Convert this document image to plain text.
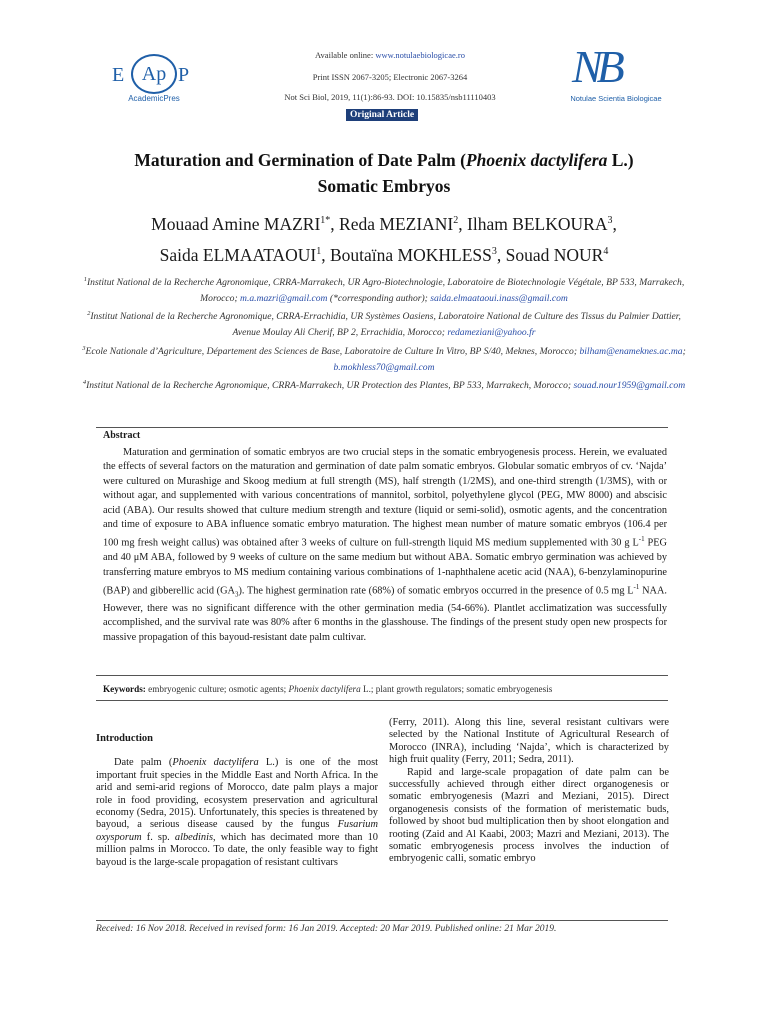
E Ap P
AcademicPres
Available online: www.notulaebiologicae.ro
Print ISSN 2067-3205; Electronic 2067-3264
Not Sci Biol, 2019, 11(1):86-93. DOI: 10.15835/nsb11110403
Original Article
NB
Notulae Scientia Biologicae
Maturation and Germination of Date Palm (Phoenix dactylifera L.)
Somatic Embryos
Mouaad Amine $MAZRI^{1*}$, Reda MEZIANI$^2$, Ilham BELKOURA$^3$,
Saida ELMAATAOUI$^1$, Boutaïna MOKHLESS$^3$, Souad NOUR$^4$
$^1$Institut National de la Recherche Agronomique, CRRA-Marrakech, UR Agro-Biotechnologie, Laboratoire de Biotechnologie Végétale, BP 533, Marrakech, Morocco; m.a.mazri@gmail.com (*corresponding author); saida.elmaataoui.inass@gmail.com
$^2$Institut National de la Recherche Agronomique, CRRA-Errachidia, UR Systèmes Oasiens, Laboratoire National de Culture des Tissus du Palmier Dattier, Avenue Moulay Ali Cherif, BP 2, Errachidia, Morocco; redameziani@yahoo.fr
$^3$Ecole Nationale d’Agriculture, Département des Sciences de Base, Laboratoire de Culture In Vitro, BP S/40, Meknes, Morocco; bilham@enameknes.ac.ma; b.mokhless70@gmail.com
$^4$Institut National de la Recherche Agronomique, CRRA-Marrakech, UR Protection des Plantes, BP 533, Marrakech, Morocco; souad.nour1959@gmail.com
Abstract
Maturation and germination of somatic embryos are two crucial steps in the somatic embryogenesis process. Herein, we evaluated the effects of several factors on the maturation and germination of date palm somatic embryos. Globular somatic embryos of cv. ‘Najda’ were cultured on Murashige and Skoog medium at full strength (MS), half strength (1/2MS), and one-third strength (1/3MS), with or without agar, and supplemented with various concentrations of mannitol, sorbitol, polyethylene glycol (PEG, MW 8000) and abscisic acid (ABA). Our results showed that culture medium strength and texture (liquid or semi-solid), osmotic agents, and the concentration and time of exposure to ABA influence somatic embryo maturation. The highest mean number of mature somatic embryos (106.4 per 100 mg fresh weight callus) was obtained after 3 weeks of culture on full-strength liquid MS medium supplemented with 30 g $L^{-1}$ PEG and 40 μM ABA, followed by 9 weeks of culture on the same medium but without ABA. Somatic embryo germination was achieved by transferring mature embryos to MS medium containing various combinations of 1-naphthalene acetic acid (NAA), 6-benzylaminopurine (BAP) and gibberellic acid $(GA_3)$. The highest germination rate (68%) of somatic embryos occurred in the presence of 0.5 mg $L^{-1}$ NAA. However, there was no significant difference with the other germination media (54-66%). Plantlet acclimatization was successfully accomplished, and the survival rate was 80% after 6 months in the glasshouse. The findings of the present study open new prospects for massive propagation of this bayoud-resistant date palm cultivar.
Keywords: embryogenic culture; osmotic agents; Phoenix dactylifera L.; plant growth regulators; somatic embryogenesis

Introduction

Date palm (Phoenix dactylifera L.) is one of the most important fruit species in the Middle East and North Africa. In the arid and semi-arid regions of Morocco, date palm plays a major role in food providing, ecosystem preservation and agricultural economy (Sedra, 2015). Unfortunately, this species is threatened by bayoud, a serious disease caused by the fungus Fusarium oxysporum f. sp. albedinis, which has decimated more than 10 million palms in Morocco. To date, the only feasible way to fight bayoud is the large-scale propagation of resistant cultivars

(Ferry, 2011). Along this line, several resistant cultivars were selected by the National Institute of Agricultural Research of Morocco (INRA), including ‘Najda’, which is characterized by high fruit quality (Ferry, 2011; Sedra, 2011).

Rapid and large-scale propagation of date palm can be successfully achieved through either direct organogenesis or somatic embryogenesis (Mazri and Meziani, 2015). Direct organogenesis consists of the formation of meristematic buds, followed by shoot bud multiplication then by shoot elongation and rooting (Zaid and Al Kaabi, 2003; Mazri and Meziani, 2013). The somatic embryogenesis process involves the induction of embryogenic calli, somatic embryo

Received: 16 Nov 2018. Received in revised form: 16 Jan 2019. Accepted: 20 Mar 2019. Published online: 21 Mar 2019.
